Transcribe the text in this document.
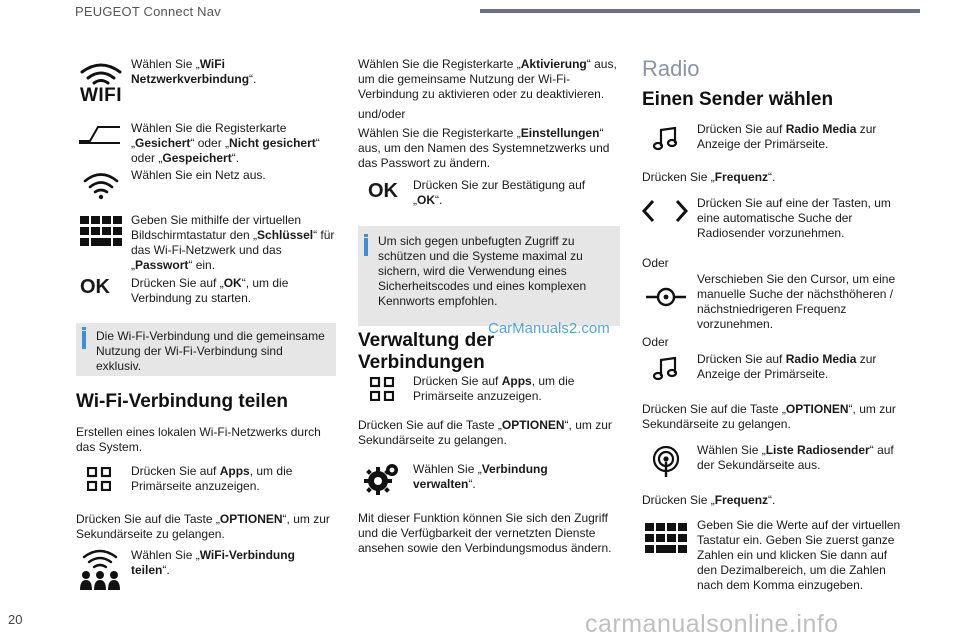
PEUGEOT Connect Nav
WIFI
Wählen Sie „WiFi Netzwerkverbindung“.
Wählen Sie die Registerkarte „Gesichert“ oder „Nicht gesichert“ oder „Gespeichert“.
Wählen Sie ein Netz aus.
Geben Sie mithilfe der virtuellen Bildschirmtastatur den „Schlüssel“ für das Wi-Fi-Netzwerk und das „Passwort“ ein.
OK Drücken Sie auf „OK“, um die Verbindung zu starten.
Die Wi-Fi-Verbindung und die gemeinsame Nutzung der Wi-Fi-Verbindung sind exklusiv.
Wi-Fi-Verbindung teilen
Erstellen eines lokalen Wi-Fi-Netzwerks durch das System.
Drücken Sie auf Apps, um die Primärseite anzuzeigen.
Drücken Sie auf die Taste „OPTIONEN“, um zur Sekundärseite zu gelangen.
Wählen Sie „WiFi-Verbindung teilen“.
Wählen Sie die Registerkarte „Aktivierung“ aus, um die gemeinsame Nutzung der Wi-Fi-Verbindung zu aktivieren oder zu deaktivieren.
und/oder
Wählen Sie die Registerkarte „Einstellungen“ aus, um den Namen des Systemnetzwerks und das Passwort zu ändern.
OK Drücken Sie zur Bestätigung auf „OK“.
Um sich gegen unbefugten Zugriff zu schützen und die Systeme maximal zu sichern, wird die Verwendung eines Sicherheitscodes und eines komplexen Kennworts empfohlen.
Verwaltung der Verbindungen
CarManuals2.com
Drücken Sie auf Apps, um die Primärseite anzuzeigen.
Drücken Sie auf die Taste „OPTIONEN“, um zur Sekundärseite zu gelangen.
Wählen Sie „Verbindung verwalten“.
Mit dieser Funktion können Sie sich den Zugriff und die Verfügbarkeit der vernetzten Dienste ansehen sowie den Verbindungsmodus ändern.
Radio
Einen Sender wählen
Drücken Sie auf Radio Media zur Anzeige der Primärseite.
Drücken Sie „Frequenz“.
Drücken Sie auf eine der Tasten, um eine automatische Suche der Radiosender vorzunehmen.
Oder
Verschieben Sie den Cursor, um eine manuelle Suche der nächsthöheren / nächstniedrigeren Frequenz vorzunehmen.
Oder
Drücken Sie auf Radio Media zur Anzeige der Primärseite.
Drücken Sie auf die Taste „OPTIONEN“, um zur Sekundärseite zu gelangen.
Wählen Sie „Liste Radiosender“ auf der Sekundärseite aus.
Drücken Sie „Frequenz“.
Geben Sie die Werte auf der virtuellen Tastatur ein. Geben Sie zuerst ganze Zahlen ein und klicken Sie dann auf den Dezimalbereich, um die Zahlen nach dem Komma einzugeben.
20	carmanualsonline.info
